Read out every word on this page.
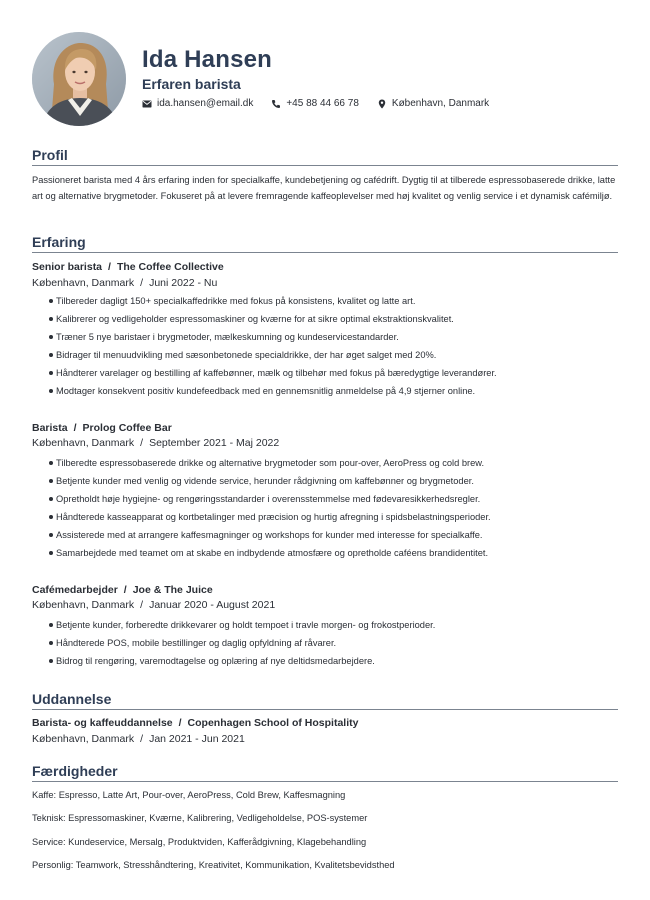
Ida Hansen
Erfaren barista
ida.hansen@email.dk	+45 88 44 66 78	København, Danmark
Profil
Passioneret barista med 4 års erfaring inden for specialkaffe, kundebetjening og cafédrift. Dygtig til at tilberede espressobaserede drikke, latte art og alternative brygmetoder. Fokuseret på at levere fremragende kaffeoplevelser med høj kvalitet og venlig service i et dynamisk cafémiljø.
Erfaring
Senior barista / The Coffee Collective
København, Danmark / Juni 2022 - Nu
Tilbereder dagligt 150+ specialkaffedrikke med fokus på konsistens, kvalitet og latte art.
Kalibrerer og vedligeholder espressomaskiner og kværne for at sikre optimal ekstraktionskvalitet.
Træner 5 nye baristaer i brygmetoder, mælkeskumning og kundeservicestandarder.
Bidrager til menuudvikling med sæsonbetonede specialdrikke, der har øget salget med 20%.
Håndterer varelager og bestilling af kaffebønner, mælk og tilbehør med fokus på bæredygtige leverandører.
Modtager konsekvent positiv kundefeedback med en gennemsnitlig anmeldelse på 4,9 stjerner online.
Barista / Prolog Coffee Bar
København, Danmark / September 2021 - Maj 2022
Tilberedte espressobaserede drikke og alternative brygmetoder som pour-over, AeroPress og cold brew.
Betjente kunder med venlig og vidende service, herunder rådgivning om kaffebønner og brygmetoder.
Opretholdt høje hygiejne- og rengøringsstandarder i overensstemmelse med fødevaresikkerhedsregler.
Håndterede kasseapparat og kortbetalinger med præcision og hurtig afregning i spidsbelastningsperioder.
Assisterede med at arrangere kaffesmagninger og workshops for kunder med interesse for specialkaffe.
Samarbejdede med teamet om at skabe en indbydende atmosfære og opretholde caféens brandidentitet.
Cafémedarbejder / Joe & The Juice
København, Danmark / Januar 2020 - August 2021
Betjente kunder, forberedte drikkevarer og holdt tempoet i travle morgen- og frokostperioder.
Håndterede POS, mobile bestillinger og daglig opfyldning af råvarer.
Bidrog til rengøring, varemodtagelse og oplæring af nye deltidsmedarbejdere.
Uddannelse
Barista- og kaffeuddannelse / Copenhagen School of Hospitality
København, Danmark / Jan 2021 - Jun 2021
Færdigheder
Kaffe: Espresso, Latte Art, Pour-over, AeroPress, Cold Brew, Kaffesmagning
Teknisk: Espressomaskiner, Kværne, Kalibrering, Vedligeholdelse, POS-systemer
Service: Kundeservice, Mersalg, Produktviden, Kafferådgivning, Klagebehandling
Personlig: Teamwork, Stresshåndtering, Kreativitet, Kommunikation, Kvalitetsbevidsthed
